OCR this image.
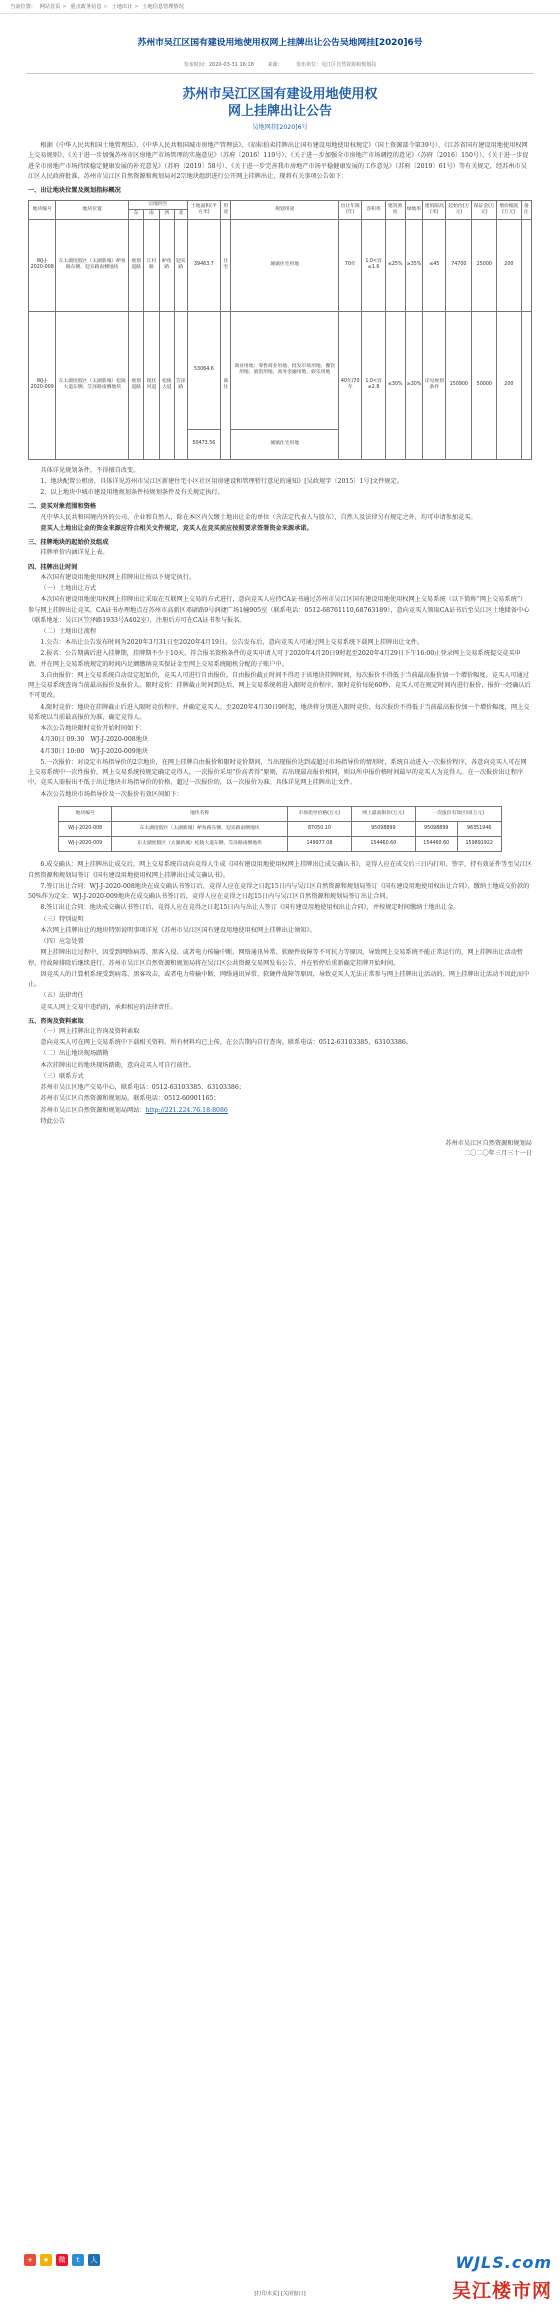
当前位置： 网站首页 > 重点政务信息 > 土地出让 > 土地信息管理情况
苏州市吴江区国有建设用地使用权网上挂牌出让公告吴地网挂[2020]6号
发布时间：2020-03-31 16:18	来源：	发布单位：吴江区自然资源和规划局
苏州市吴江区国有建设用地使用权
网上挂牌出让公告
吴地网挂[2020]6号

根据《中华人民共和国土地管理法》、《中华人民共和国城市房地产管理法》、《招标拍卖挂牌出让国有建设用地使用权规定》（国土资源部令第39号）、《江苏省国有建设用地使用权网上交易规则》、《关于进一步加强苏州市区房地产市场管理的实施意见》（苏府〔2016〕119号）、《关于进一步加强全市房地产市场调控的意见》（苏府〔2016〕150号）、《关于进一步促进全市房地产市场持续稳定健康发展的补充意见》（苏府〔2019〕58号）、《关于进一步完善我市房地产市场平稳健康发展的工作意见》（苏府〔2019〕61号）等有关规定，经苏州市吴江区人民政府批准，苏州市吴江区自然资源和规划局对2宗地块组织进行公开网上挂牌出让，现将有关事项公告如下：

一、出让地块位置及规划指标概况
地块编号	地块位置	宗地四至				土地面积(平方米)	用途	规划用途	出让年限(年)	容积率	建筑密度	绿地率	建筑限高(米)	起始价(万元)	保证金(万元)	增价幅度(万元)	备注
		东	南	西	北												
WJ-J-2020-008	东太湖度假区（太湖新城）鲈鱼路东侧、迎宾路南侧地块	规划道路	江村路	鲈鱼路	迎宾路	39463.7	住宅	城镇住宅用地	70年	1.0<容≤1.6	≤25%	≥35%	≤45	74700	25000	200	
WJ-J-2020-009	东太湖度假区（太湖新城）松陵大道东侧、笠泽路南侧地块	规划道路	现状河道	松陵大道	笠泽路	53064.6	商住	商业用地：零售商业用地、批发市场用地、餐饮用地、旅馆用地、商务金融用地、娱乐用地	40年/70年	1.0<容≤2.8	≤30%	≥30%	详见规划条件	150900	50000	200	
						50473.56		城镇住宅用地									

具体详见规划条件，不得擅自改变。

1、地块配置公租房，具体详见苏州市吴江区新建住宅小区社区用房建设和管理暂行意见的通知》[吴政规字〔2015〕1号]文件规定。

2、以上地块中城市建设用地规划条件按规划条件及有关规定执行。

二、竞买对象范围和资格

凡中华人民共和国境内外的公司、企业和自然人，除在本区内欠缴土地出让金的单位（含法定代表人与股东）、自然人及法律另有规定之外，均可申请参加竞买。

竞买人土地出让金的资金来源应符合相关文件规定，竞买人在竞买前应按照要求签署资金来源承诺。

三、挂牌地块的起始价及组成

挂牌单价内涵详见上表。

四、挂牌出让时间

本次国有建设用地使用权网上挂牌出让按以下规定执行。

（一）土地出让方式

本次国有建设用地使用权网上挂牌出让采取在互联网上交易的方式进行，意向竞买人应持CA证书通过苏州市吴江区国有建设用地使用权网上交易系统（以下简称“网上交易系统”）参与网上挂牌出让竞买，CA证书办理地点在苏州市高新区邓尉路9号润捷广场1幢905室（联系电话：0512-68761110,68763189），意向竞买人领取CA证书后至吴江区土地储备中心（联系地址：吴江区笠泽路1933号A402室），注册后方可在CA证书参与报名。

（二）土地出让流程

1.公告：本出让公告发布时间为2020年3月31日至2020年4月19日。公告发布后，意向竞买人可通过网上交易系统下载网上挂牌出让文件。

2.报名：公告期满后进入挂牌期，挂牌期不少于10天。符合报名资格条件的竞买申请人可于2020年4月20日9时起至2020年4月29日下午16:00止登录网上交易系统提交竞买申请，并在网上交易系统规定的时间内足额缴纳竞买保证金至网上交易系统随机分配的子账户中。

3.自由报价：网上交易系统自动设定起始价，竞买人可进行自由报价。自由报价截止时间不得迟于该地块挂牌时间，每次报价不得低于当前最高报价加一个增价幅度。竞买人可通过网上交易系统查询当前最高报价及报价人。限时竞价：挂牌截止时间到达后，网上交易系统将进入限时竞价程序，限时竞价每轮60秒，竞买人可在规定时间内进行报价，报价一经确认后不可更改。

4.限时竞价：地块在挂牌截止后进入限时竞价程序，并确定竞买人。至2020年4月30日9时起，地块将分别进入限时竞价，每次报价不得低于当前最高报价加一个增价幅度，网上交易系统以当前最高报价为准，确定竞得人。

本次公告地块限时竞价开始时间如下：

4月30日 09:30　WJ-J-2020-008地块

4月30日 10:00　WJ-J-2020-009地块

5.一次报价：对设定市场指导价的2宗地块，在网上挂牌自由报价和限时竞价期间，当出现报价达到或超过市场指导价的情形时，系统自动进入一次报价程序，各意向竞买人可在网上交易系统中一次性报价，网上交易系统按规定确定竞得人。一次报价采用“价高者得”原则，若出现最高报价相同，则以所申报价格时间最早的竞买人为竞得人。在一次报价出让程序中，竞买人需报出不低于出让地块市场指导价的价格，超过一次报价的，以一次报价为准。具体详见网上挂牌出让文件。

本次公告地块市场指导价及一次报价有效区间如下：

地块编号	地块名称	市场指导价格(万元)	网上最高限价(万元)	一次报价有效区间(万元)	
WJ-J-2020-008	东太湖度假区（太湖新城）鲈鱼路东侧、迎宾路南侧地块	87050.10	95098899	95098899	96351946
WJ-J-2020-009	东太湖度假区（太湖新城）松陵大道东侧、笠泽路南侧地块	149977.08	154460.60	154460.60	159891922

6.成交确认：网上挂牌出让成交后，网上交易系统自动向竞得人生成《国有建设用地使用权网上挂牌出让成交确认书》，竞得人应在成交后三日内打印、签字，持有效证件等至吴江区自然资源和规划局签订《国有建设用地使用权网上挂牌出让成交确认书》。

7.签订出让合同：WJ-J-2020-008地块在成交确认书签订后，竞得人应在竞得之日起15日内与吴江区自然资源和规划局签订《国有建设用地使用权出让合同》，缴纳土地成交价款的50%作为定金；WJ-J-2020-009地块在成交确认书签订后，竞得人应在竞得之日起15日内与吴江区自然资源和规划局签订出让合同。

8.签订出让合同：地块成交确认书签订后，竞得人应在竞得之日起15日内与出让人签订《国有建设用地使用权出让合同》，并按规定时间缴纳土地出让金。

（三）特别说明

本次网上挂牌出让的地块特别说明事项详见《苏州市吴江区国有建设用地使用权网上挂牌出让须知》。

（四）应急处置

网上挂牌出让过程中，因受到网络病毒、黑客入侵、或者电力传输中断、网络通讯异常、软硬件故障等不可抗力等原因，导致网上交易系统不能正常运行的，网上挂牌出让活动暂停，待故障排除后继续进行。苏州市吴江区自然资源和规划局将在吴江区公共资源交易网发布公告，并在暂停后重新确定挂牌开始时间。

因竞买人的计算机系统受到病毒、黑客攻击，或者电力传输中断、网络通讯异常、软硬件故障等原因，导致竞买人无法正常参与网上挂牌出让活动的，网上挂牌出让活动不因此而中止。

（五）法律责任

竞买人网上交易中违约的，承担相应的法律责任。

五、咨询及资料索取

（一）网上挂牌出让咨询及资料索取

意向竞买人可在网上交易系统中下载相关资料，所有材料均已上传，在公告期内自行查询。联系电话：0512-63103385、63103386。

（二）出让地块现场踏勘

本次挂牌出让的地块现场踏勘，意向竞买人可自行前往。

（三）联系方式

苏州市吴江区地产交易中心，联系电话：0512-63103385、63103386；

苏州市吴江区自然资源和规划局，联系电话：0512-60901165；

苏州市吴江区自然资源和规划局网站：http://221.224.76.18:8086

特此公告

苏州市吴江区自然资源和规划局
二〇二〇年三月三十一日
+	★	微	t	人	WJLS.com
吴江楼市网
[打印本页] [关闭窗口]
